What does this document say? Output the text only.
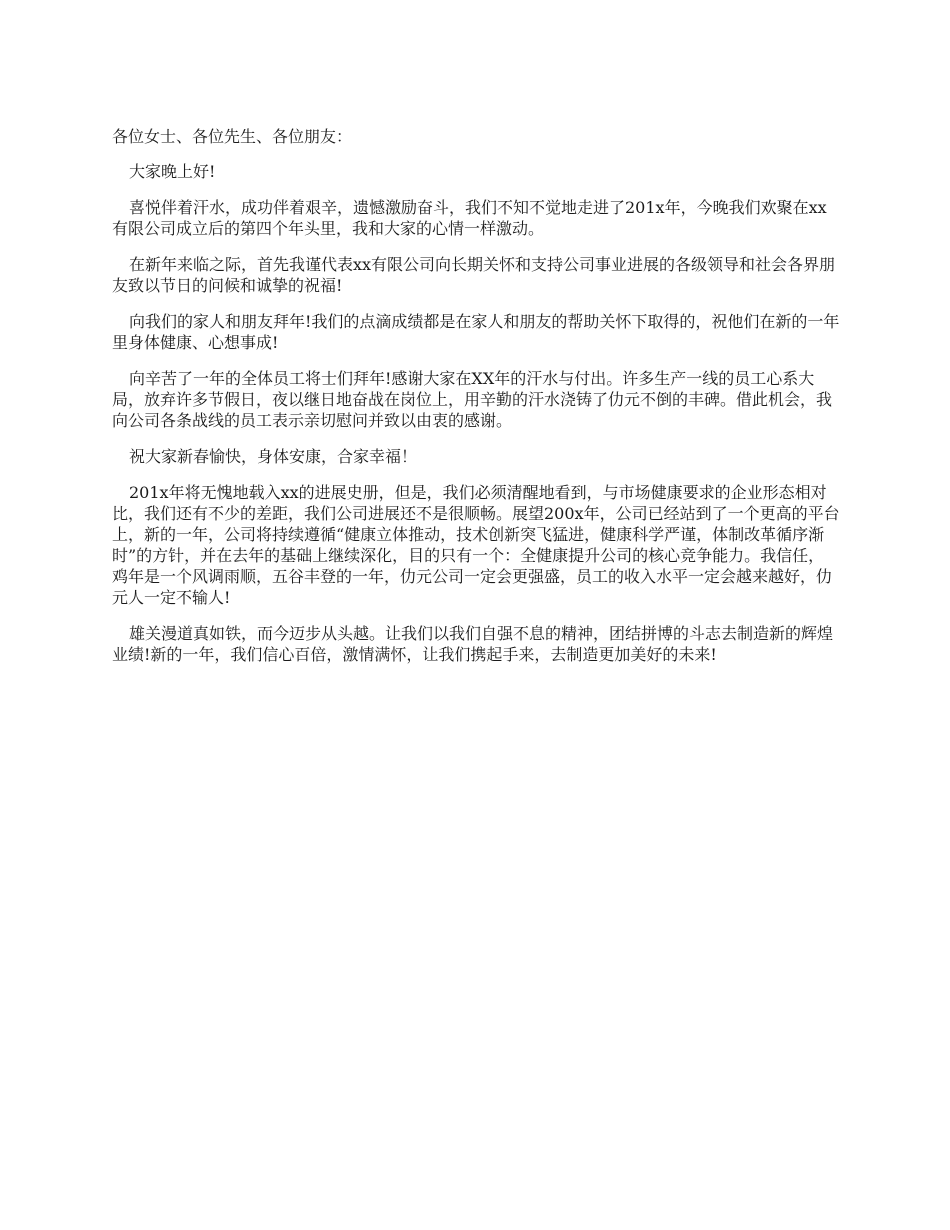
各位女士、各位先生、各位朋友：

大家晚上好!

喜悦伴着汗水，成功伴着艰辛，遗憾激励奋斗，我们不知不觉地走进了201x年，今晚我们欢聚在xx有限公司成立后的第四个年头里，我和大家的心情一样激动。

在新年来临之际，首先我谨代表xx有限公司向长期关怀和支持公司事业进展的各级领导和社会各界朋友致以节日的问候和诚挚的祝福!

向我们的家人和朋友拜年!我们的点滴成绩都是在家人和朋友的帮助关怀下取得的，祝他们在新的一年里身体健康、心想事成!

向辛苦了一年的全体员工将士们拜年!感谢大家在XX年的汗水与付出。许多生产一线的员工心系大局，放弃许多节假日，夜以继日地奋战在岗位上，用辛勤的汗水浇铸了仂元不倒的丰碑。借此机会，我向公司各条战线的员工表示亲切慰问并致以由衷的感谢。

祝大家新春愉快，身体安康，合家幸福！

201x年将无愧地载入xx的进展史册，但是，我们必须清醒地看到，与市场健康要求的企业形态相对比，我们还有不少的差距，我们公司进展还不是很顺畅。展望200x年，公司已经站到了一个更高的平台上，新的一年，公司将持续遵循“健康立体推动，技术创新突飞猛进，健康科学严谨，体制改革循序渐时”的方针，并在去年的基础上继续深化，目的只有一个：全健康提升公司的核心竞争能力。我信任，鸡年是一个风调雨顺，五谷丰登的一年，仂元公司一定会更强盛，员工的收入水平一定会越来越好，仂元人一定不输人!

雄关漫道真如铁，而今迈步从头越。让我们以我们自强不息的精神，团结拼博的斗志去制造新的辉煌业绩!新的一年，我们信心百倍，激情满怀，让我们携起手来，去制造更加美好的未来!
